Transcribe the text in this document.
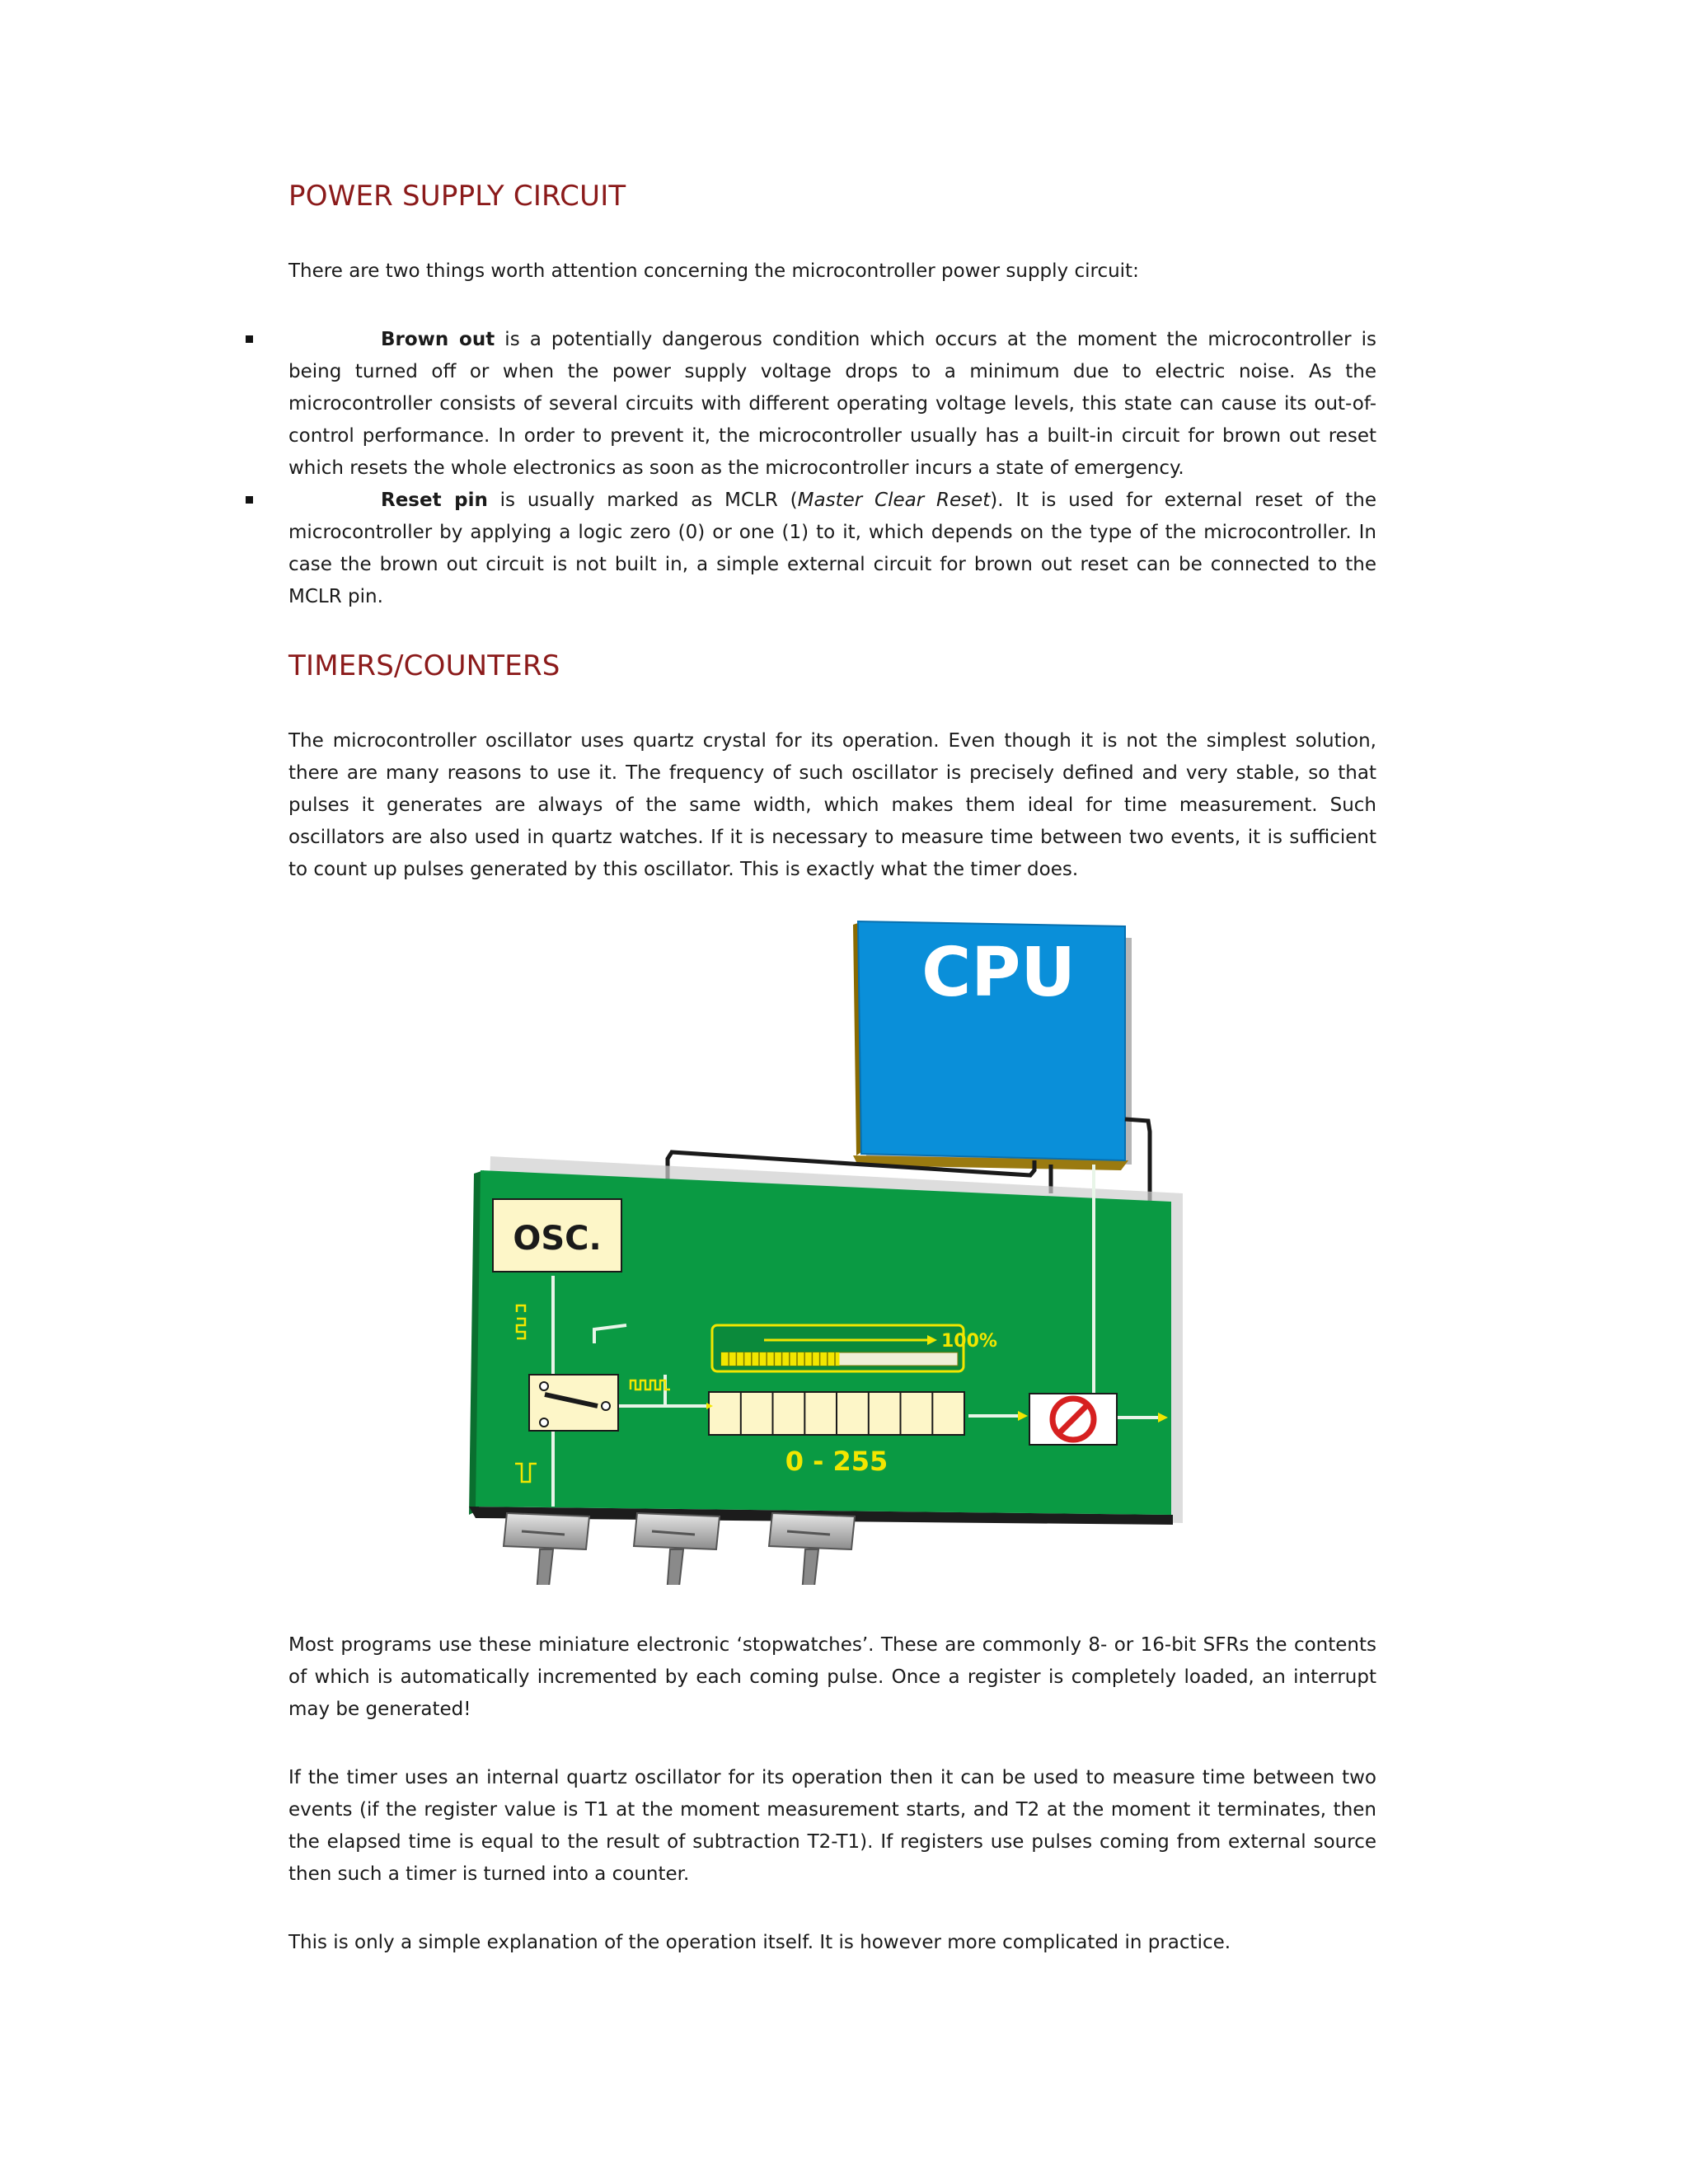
POWER SUPPLY CIRCUIT

There are two things worth attention concerning the microcontroller power supply circuit:

Brown out is a potentially dangerous condition which occurs at the moment the microcontroller is being turned off or when the power supply voltage drops to a minimum due to electric noise. As the microcontroller consists of several circuits with different operating voltage levels, this state can cause its out-of-control performance. In order to prevent it, the microcontroller usually has a built-in circuit for brown out reset which resets the whole electronics as soon as the microcontroller incurs a state of emergency.
Reset pin is usually marked as MCLR (Master Clear Reset). It is used for external reset of the microcontroller by applying a logic zero (0) or one (1) to it, which depends on the type of the microcontroller. In case the brown out circuit is not built in, a simple external circuit for brown out reset can be connected to the MCLR pin.
TIMERS/COUNTERS

The microcontroller oscillator uses quartz crystal for its operation. Even though it is not the simplest solution, there are many reasons to use it. The frequency of such oscillator is precisely defined and very stable, so that pulses it generates are always of the same width, which makes them ideal for time measurement. Such oscillators are also used in quartz watches. If it is necessary to measure time between two events, it is sufficient to count up pulses generated by this oscillator. This is exactly what the timer does.

CPU
OSC.
100%
0 - 255

Most programs use these miniature electronic ‘stopwatches’. These are commonly 8- or 16-bit SFRs the contents of which is automatically incremented by each coming pulse. Once a register is completely loaded, an interrupt may be generated!

If the timer uses an internal quartz oscillator for its operation then it can be used to measure time between two events (if the register value is T1 at the moment measurement starts, and T2 at the moment it terminates, then the elapsed time is equal to the result of subtraction T2-T1). If registers use pulses coming from external source then such a timer is turned into a counter.

This is only a simple explanation of the operation itself. It is however more complicated in practice.
